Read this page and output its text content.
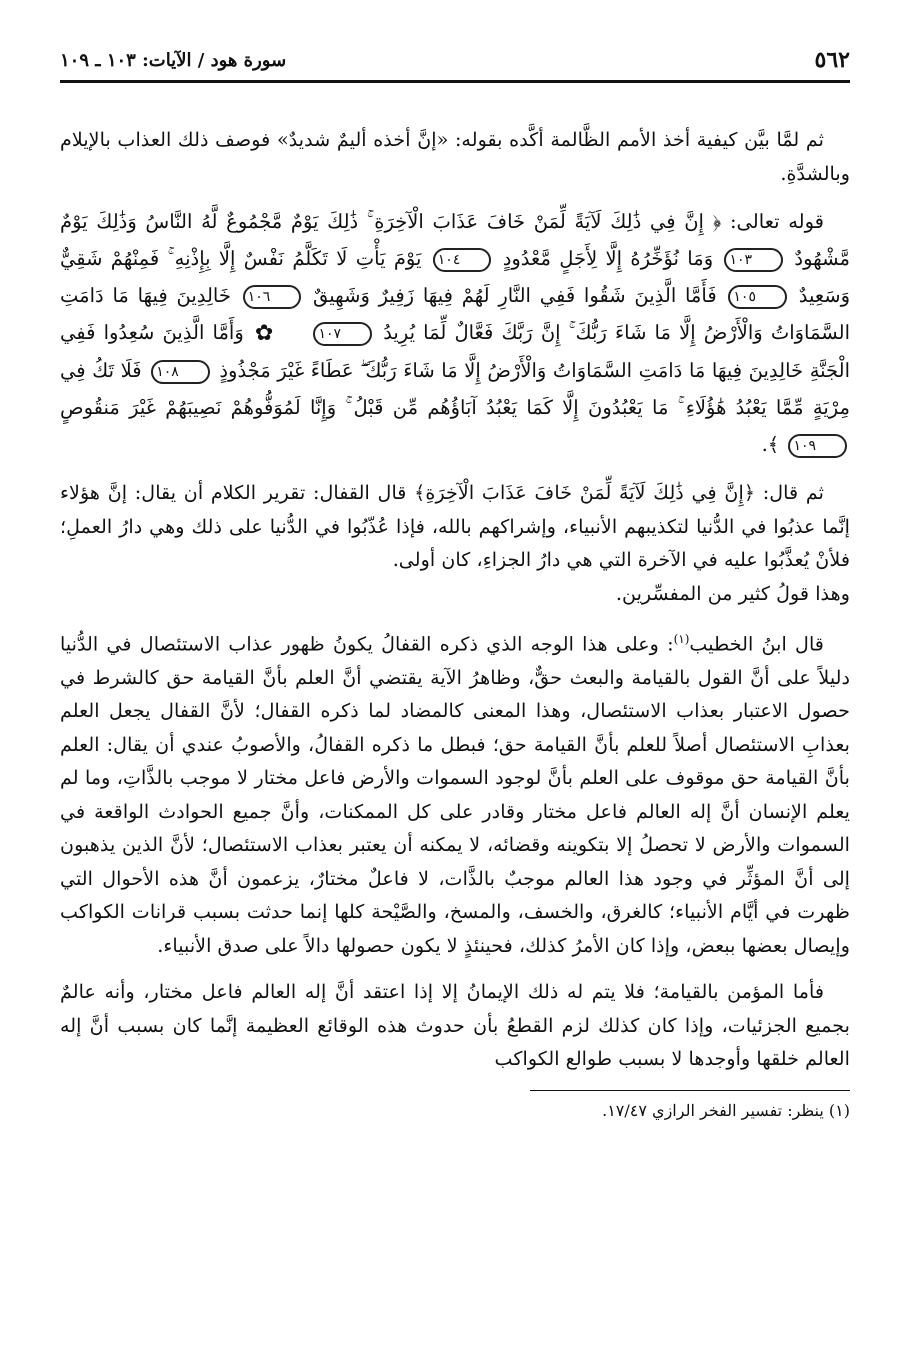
٥٦٢
سورة هود / الآيات: ١٠٣ ـ ١٠٩

ثم لمَّا بيَّن كيفية أخذ الأمم الظَّالمة أكَّده بقوله: «إنَّ أخذه أليمٌ شديدٌ» فوصف ذلك العذاب بالإيلام وبالشدَّةِ.

قوله تعالى: ﴿ إِنَّ فِي ذَٰلِكَ لَآيَةً لِّمَنْ خَافَ عَذَابَ الْآخِرَةِ ۚ ذَٰلِكَ يَوْمٌ مَّجْمُوعٌ لَّهُ النَّاسُ وَذَٰلِكَ يَوْمٌ مَّشْهُودٌ ١٠٣ وَمَا نُؤَخِّرُهُ إِلَّا لِأَجَلٍ مَّعْدُودٍ ١٠٤ يَوْمَ يَأْتِ لَا تَكَلَّمُ نَفْسٌ إِلَّا بِإِذْنِهِ ۚ فَمِنْهُمْ شَقِيٌّ وَسَعِيدٌ ١٠٥ فَأَمَّا الَّذِينَ شَقُوا فَفِي النَّارِ لَهُمْ فِيهَا زَفِيرٌ وَشَهِيقٌ ١٠٦ خَالِدِينَ فِيهَا مَا دَامَتِ السَّمَاوَاتُ وَالْأَرْضُ إِلَّا مَا شَاءَ رَبُّكَ ۚ إِنَّ رَبَّكَ فَعَّالٌ لِّمَا يُرِيدُ ١٠٧ ✿ وَأَمَّا الَّذِينَ سُعِدُوا فَفِي الْجَنَّةِ خَالِدِينَ فِيهَا مَا دَامَتِ السَّمَاوَاتُ وَالْأَرْضُ إِلَّا مَا شَاءَ رَبُّكَ ۖ عَطَاءً غَيْرَ مَجْذُوذٍ ١٠٨ فَلَا تَكُ فِي مِرْيَةٍ مِّمَّا يَعْبُدُ هَٰؤُلَاءِ ۚ مَا يَعْبُدُونَ إِلَّا كَمَا يَعْبُدُ آبَاؤُهُم مِّن قَبْلُ ۚ وَإِنَّا لَمُوَفُّوهُمْ نَصِيبَهُمْ غَيْرَ مَنقُوصٍ ١٠٩ ﴾.

ثم قال: ﴿إِنَّ فِي ذَٰلِكَ لَآيَةً لِّمَنْ خَافَ عَذَابَ الْآخِرَةِ﴾ قال القفال: تقرير الكلام أن يقال: إنَّ هؤلاء إنَّما عذبُوا في الدُّنيا لتكذيبهم الأنبياء، وإشراكهم بالله، فإذا عُذّبُوا في الدُّنيا على ذلك وهي دارُ العملِ؛ فلأنْ يُعذَّبُوا عليه في الآخرة التي هي دارُ الجزاءِ، كان أولى.
وهذا قولُ كثير من المفسِّرين.

قال ابنُ الخطيب$^{(١)}$: وعلى هذا الوجه الذي ذكره القفالُ يكونُ ظهور عذاب الاستئصال في الدُّنيا دليلاً على أنَّ القول بالقيامة والبعث حقٌّ، وظاهرُ الآية يقتضي أنَّ العلم بأنَّ القيامة حق كالشرط في حصول الاعتبار بعذاب الاستئصال، وهذا المعنى كالمضاد لما ذكره القفال؛ لأنَّ القفال يجعل العلم بعذابِ الاستئصال أصلاً للعلم بأنَّ القيامة حق؛ فبطل ما ذكره القفالُ، والأصوبُ عندي أن يقال: العلم بأنَّ القيامة حق موقوف على العلم بأنَّ لوجود السموات والأرض فاعل مختار لا موجب بالذَّاتِ، وما لم يعلم الإنسان أنَّ إله العالم فاعل مختار وقادر على كل الممكنات، وأنَّ جميع الحوادث الواقعة في السموات والأرض لا تحصلُ إلا بتكوينه وقضائه، لا يمكنه أن يعتبر بعذاب الاستئصال؛ لأنَّ الذين يذهبون إلى أنَّ المؤثِّر في وجود هذا العالم موجبٌ بالذَّات، لا فاعلٌ مختارٌ، يزعمون أنَّ هذه الأحوال التي ظهرت في أيَّام الأنبياء؛ كالغرق، والخسف، والمسخ، والصَّيْحة كلها إنما حدثت بسبب قرانات الكواكب وإيصال بعضها ببعض، وإذا كان الأمرُ كذلك، فحينئذٍ لا يكون حصولها دالاً على صدق الأنبياء.

فأما المؤمن بالقيامة؛ فلا يتم له ذلك الإيمانُ إلا إذا اعتقد أنَّ إله العالم فاعل مختار، وأنه عالمٌ بجميع الجزئيات، وإذا كان كذلك لزم القطعُ بأن حدوث هذه الوقائع العظيمة إنَّما كان بسبب أنَّ إله العالم خلقها وأوجدها لا بسبب طوالع الكواكب

(١) ينظر: تفسير الفخر الرازي ١٧/٤٧.
